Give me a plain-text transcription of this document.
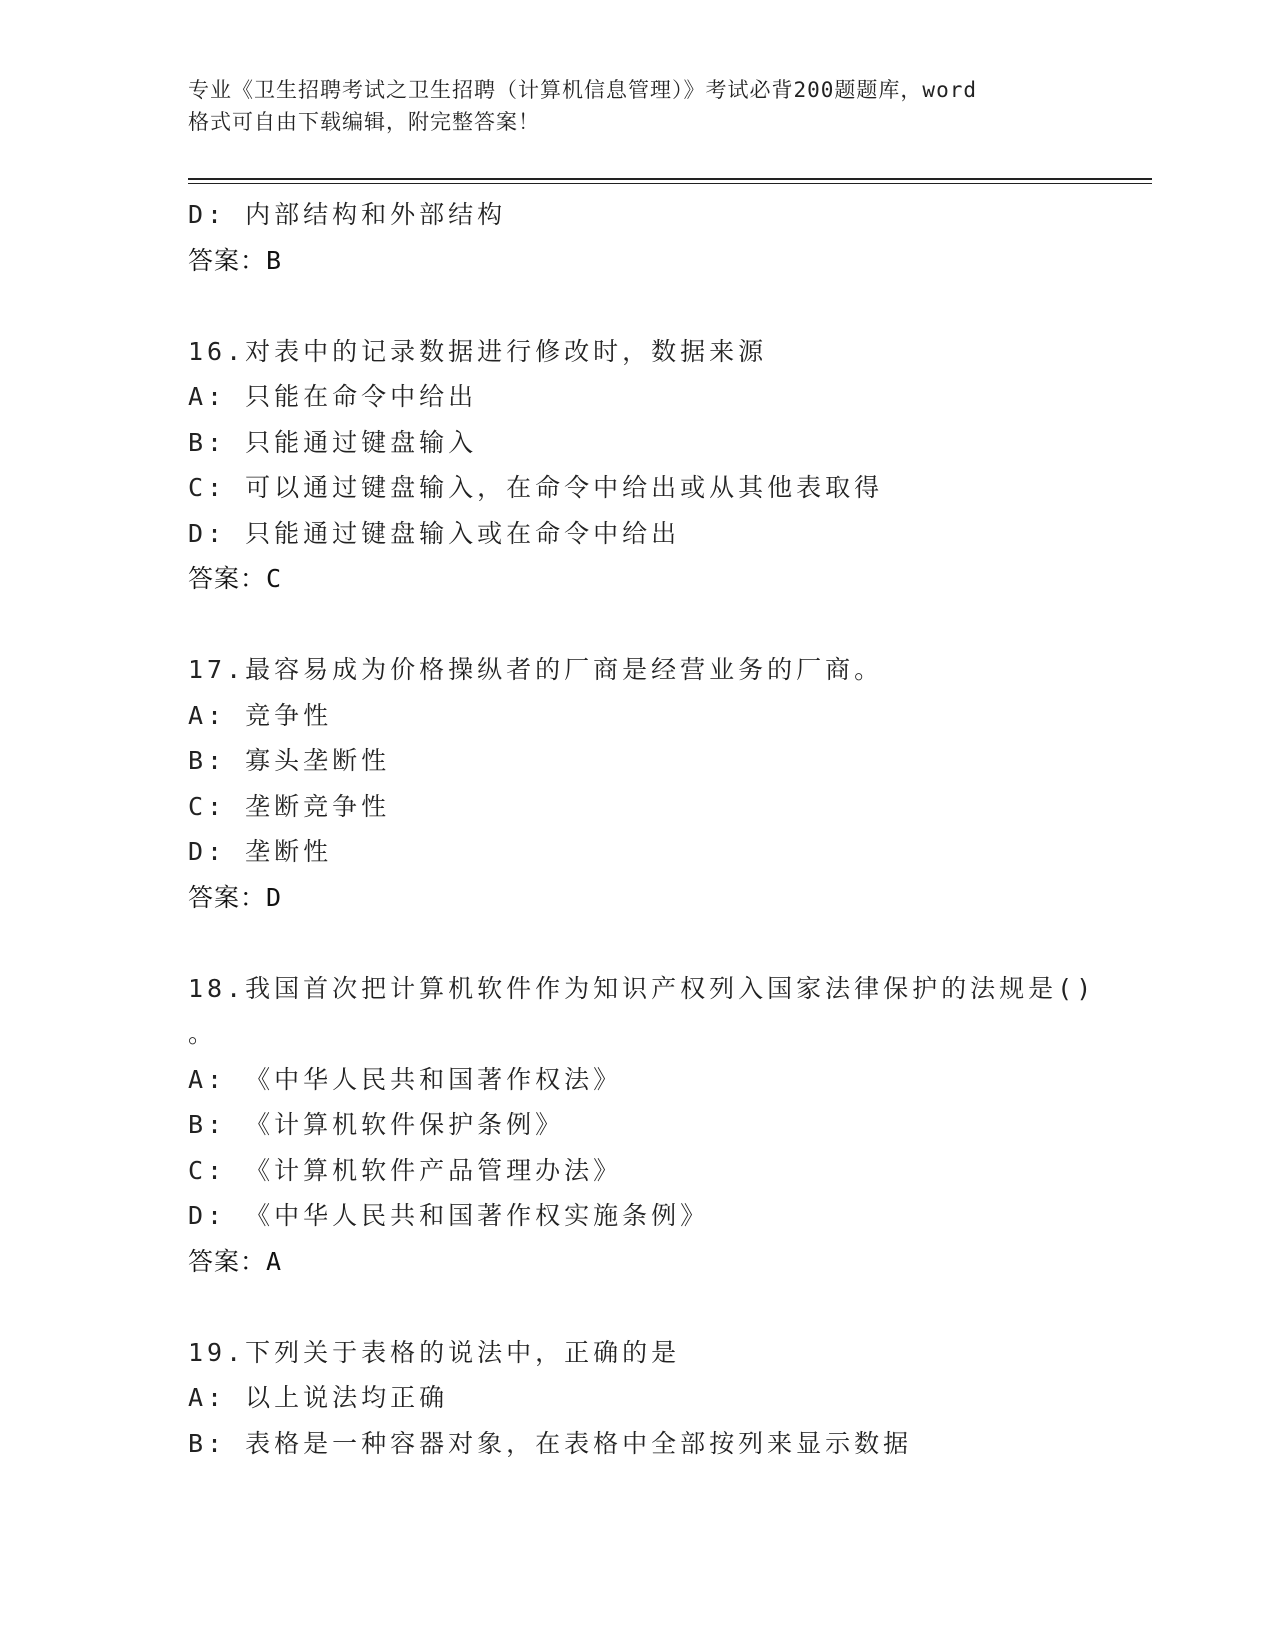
专业《卫生招聘考试之卫生招聘（计算机信息管理）》考试必背200题题库，word
格式可自由下载编辑，附完整答案！
D: 内部结构和外部结构
答案：B
16.对表中的记录数据进行修改时，数据来源
A: 只能在命令中给出
B: 只能通过键盘输入
C: 可以通过键盘输入，在命令中给出或从其他表取得
D: 只能通过键盘输入或在命令中给出
答案：C
17.最容易成为价格操纵者的厂商是经营业务的厂商。
A: 竞争性
B: 寡头垄断性
C: 垄断竞争性
D: 垄断性
答案：D
18.我国首次把计算机软件作为知识产权列入国家法律保护的法规是()
。
A: 《中华人民共和国著作权法》
B: 《计算机软件保护条例》
C: 《计算机软件产品管理办法》
D: 《中华人民共和国著作权实施条例》
答案：A
19.下列关于表格的说法中，正确的是
A: 以上说法均正确
B: 表格是一种容器对象，在表格中全部按列来显示数据
